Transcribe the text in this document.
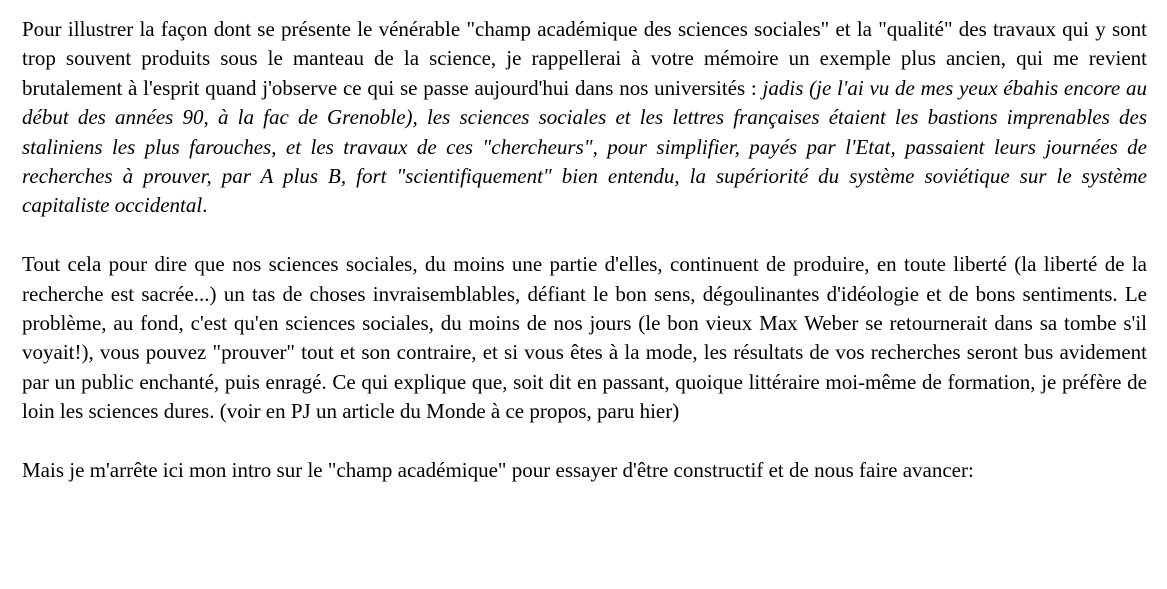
Pour illustrer la façon dont se présente le vénérable "champ académique des sciences sociales" et la "qualité" des travaux qui y sont trop souvent produits sous le manteau de la science, je rappellerai à votre mémoire un exemple plus ancien, qui me revient brutalement à l'esprit quand j'observe ce qui se passe aujourd'hui dans nos universités : jadis (je l'ai vu de mes yeux ébahis encore au début des années 90, à la fac de Grenoble), les sciences sociales et les lettres françaises étaient les bastions imprenables des staliniens les plus farouches, et les travaux de ces "chercheurs", pour simplifier, payés par l'Etat, passaient leurs journées de recherches à prouver, par A plus B, fort "scientifiquement" bien entendu, la supériorité du système soviétique sur le système capitaliste occidental.

Tout cela pour dire que nos sciences sociales, du moins une partie d'elles, continuent de produire, en toute liberté (la liberté de la recherche est sacrée...) un tas de choses invraisemblables, défiant le bon sens, dégoulinantes d'idéologie et de bons sentiments. Le problème, au fond, c'est qu'en sciences sociales, du moins de nos jours (le bon vieux Max Weber se retournerait dans sa tombe s'il voyait!), vous pouvez "prouver" tout et son contraire, et si vous êtes à la mode, les résultats de vos recherches seront bus avidement par un public enchanté, puis enragé. Ce qui explique que, soit dit en passant, quoique littéraire moi-même de formation, je préfère de loin les sciences dures. (voir en PJ un article du Monde à ce propos, paru hier)

Mais je m'arrête ici mon intro sur le "champ académique" pour essayer d'être constructif et de nous faire avancer:
